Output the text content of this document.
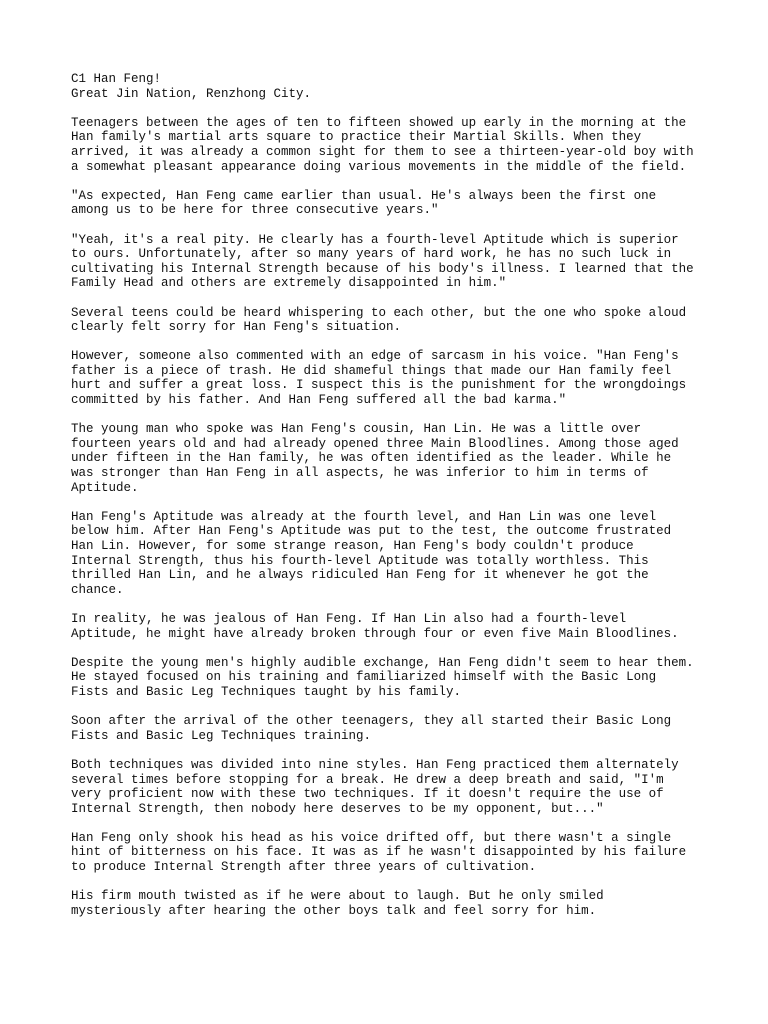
C1 Han Feng!
Great Jin Nation, Renzhong City.

Teenagers between the ages of ten to fifteen showed up early in the morning at the
Han family's martial arts square to practice their Martial Skills. When they
arrived, it was already a common sight for them to see a thirteen-year-old boy with
a somewhat pleasant appearance doing various movements in the middle of the field.

"As expected, Han Feng came earlier than usual. He's always been the first one
among us to be here for three consecutive years."

"Yeah, it's a real pity. He clearly has a fourth-level Aptitude which is superior
to ours. Unfortunately, after so many years of hard work, he has no such luck in
cultivating his Internal Strength because of his body's illness. I learned that the
Family Head and others are extremely disappointed in him."

Several teens could be heard whispering to each other, but the one who spoke aloud
clearly felt sorry for Han Feng's situation.

However, someone also commented with an edge of sarcasm in his voice. "Han Feng's
father is a piece of trash. He did shameful things that made our Han family feel
hurt and suffer a great loss. I suspect this is the punishment for the wrongdoings
committed by his father. And Han Feng suffered all the bad karma."

The young man who spoke was Han Feng's cousin, Han Lin. He was a little over
fourteen years old and had already opened three Main Bloodlines. Among those aged
under fifteen in the Han family, he was often identified as the leader. While he
was stronger than Han Feng in all aspects, he was inferior to him in terms of
Aptitude.

Han Feng's Aptitude was already at the fourth level, and Han Lin was one level
below him. After Han Feng's Aptitude was put to the test, the outcome frustrated
Han Lin. However, for some strange reason, Han Feng's body couldn't produce
Internal Strength, thus his fourth-level Aptitude was totally worthless. This
thrilled Han Lin, and he always ridiculed Han Feng for it whenever he got the
chance.

In reality, he was jealous of Han Feng. If Han Lin also had a fourth-level
Aptitude, he might have already broken through four or even five Main Bloodlines.

Despite the young men's highly audible exchange, Han Feng didn't seem to hear them.
He stayed focused on his training and familiarized himself with the Basic Long
Fists and Basic Leg Techniques taught by his family.

Soon after the arrival of the other teenagers, they all started their Basic Long
Fists and Basic Leg Techniques training.

Both techniques was divided into nine styles. Han Feng practiced them alternately
several times before stopping for a break. He drew a deep breath and said, "I'm
very proficient now with these two techniques. If it doesn't require the use of
Internal Strength, then nobody here deserves to be my opponent, but..."

Han Feng only shook his head as his voice drifted off, but there wasn't a single
hint of bitterness on his face. It was as if he wasn't disappointed by his failure
to produce Internal Strength after three years of cultivation.

His firm mouth twisted as if he were about to laugh. But he only smiled
mysteriously after hearing the other boys talk and feel sorry for him.
